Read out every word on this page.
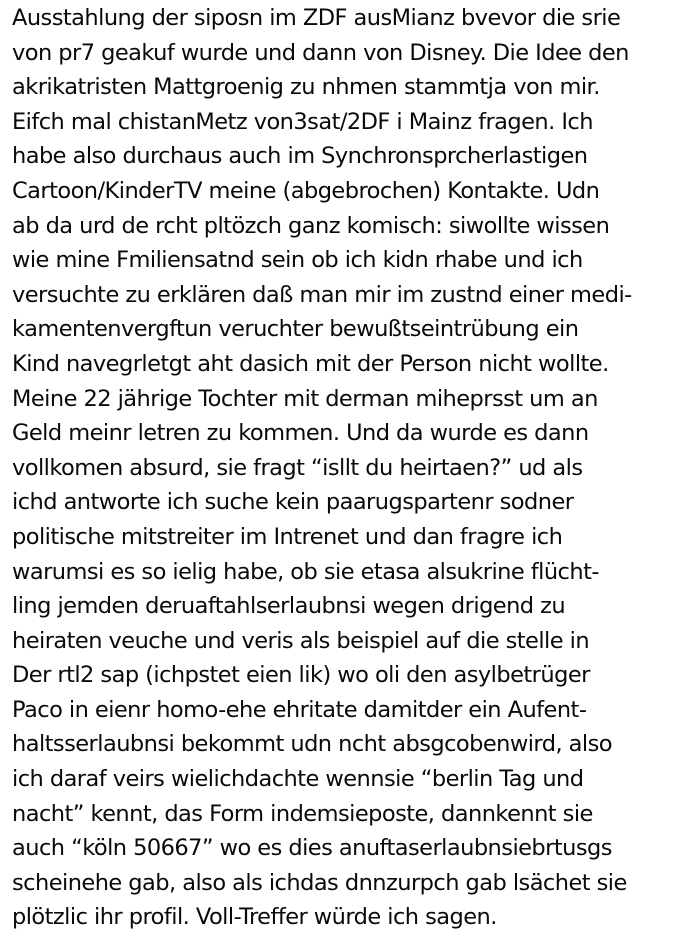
Ausstahlung der siposn im ZDF ausMianz bvevor die srie
von pr7 geakuf wurde und dann von Disney. Die Idee den
akrikatristen Mattgroenig zu nhmen stammtja von mir.
Eifch mal chistanMetz von3sat/2DF i Mainz fragen. Ich
habe also durchaus auch im Synchronsprcherlastigen
Cartoon/KinderTV meine (abgebrochen) Kontakte. Udn
ab da urd de rcht pltözch ganz komisch: siwollte wissen
wie mine Fmiliensatnd sein ob ich kidn rhabe und ich
versuchte zu erklären daß man mir im zustnd einer medi-
kamentenvergftun veruchter bewußtseintrübung ein
Kind navegrletgt aht dasich mit der Person nicht wollte.
Meine 22 jährige Tochter mit derman miheprsst um an
Geld meinr letren zu kommen. Und da wurde es dann
vollkomen absurd, sie fragt “isllt du heirtaen?” ud als
ichd antworte ich suche kein paarugspartenr sodner
politische mitstreiter im Intrenet und dan fragre ich
warumsi es so ielig habe, ob sie etasa alsukrine flücht-
ling jemden deruaftahlserlaubnsi wegen drigend zu
heiraten veuche und veris als beispiel auf die stelle in
Der rtl2 sap (ichpstet eien lik) wo oli den asylbetrüger
Paco in eienr homo-ehe ehritate damitder ein Aufent-
haltsserlaubnsi bekommt udn ncht absgcobenwird, also
ich daraf veirs wielichdachte wennsie “berlin Tag und
nacht” kennt, das Form indemsieposte, dannkennt sie
auch “köln 50667” wo es dies anuftaserlaubnsiebrtusgs
scheinehe gab, also als ichdas dnnzurpch gab lsächet sie
plötzlic ihr profil. Voll-Treffer würde ich sagen.
